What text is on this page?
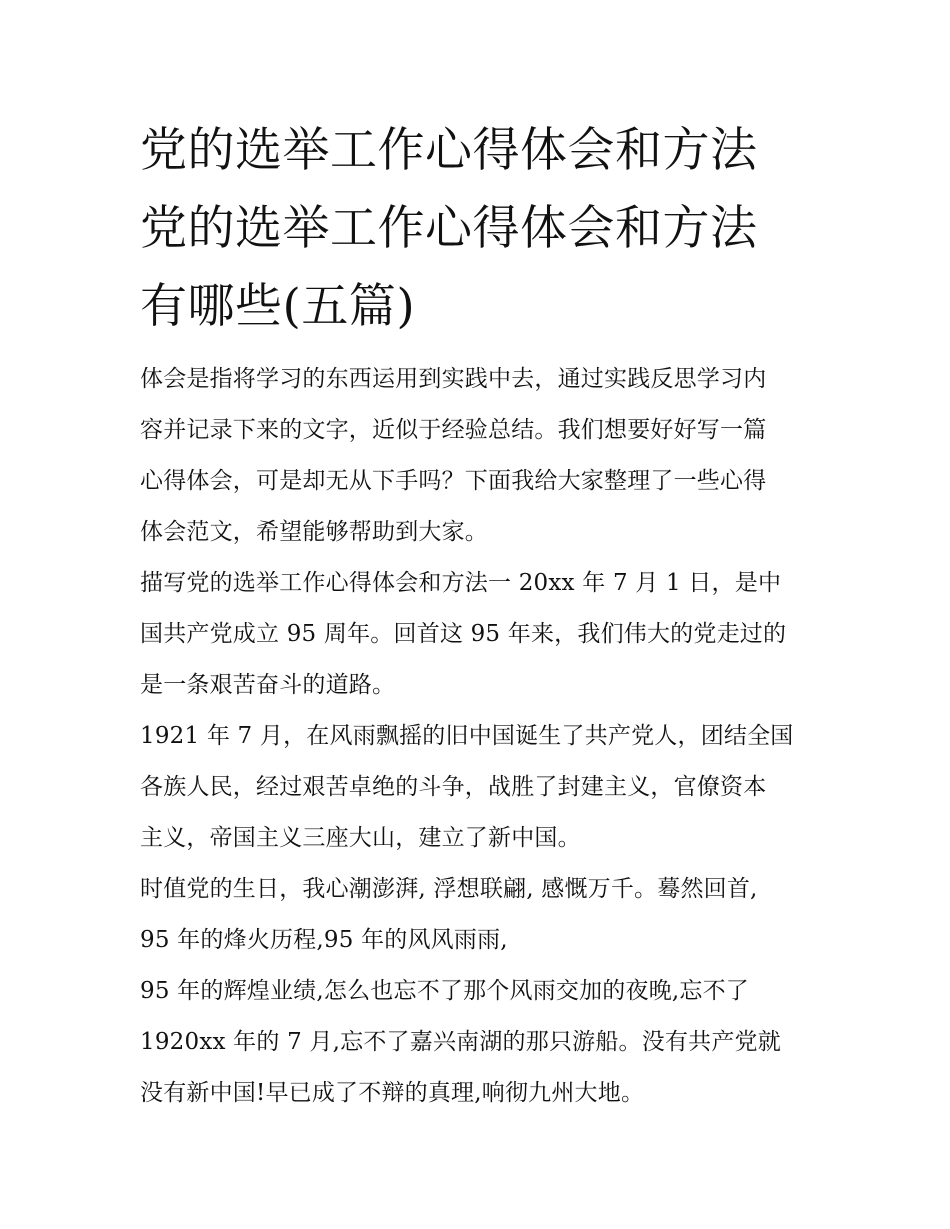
党的选举工作心得体会和方法
党的选举工作心得体会和方法
有哪些(五篇)

体会是指将学习的东西运用到实践中去，通过实践反思学习内
容并记录下来的文字，近似于经验总结。我们想要好好写一篇
心得体会，可是却无从下手吗？下面我给大家整理了一些心得
体会范文，希望能够帮助到大家。

描写党的选举工作心得体会和方法一 20xx 年 7 月 1 日，是中
国共产党成立 95 周年。回首这 95 年来，我们伟大的党走过的
是一条艰苦奋斗的道路。

1921 年 7 月，在风雨飘摇的旧中国诞生了共产党人，团结全国
各族人民，经过艰苦卓绝的斗争，战胜了封建主义，官僚资本
主义，帝国主义三座大山，建立了新中国。

时值党的生日，我心潮澎湃, 浮想联翩, 感慨万千。蓦然回首,
95 年的烽火历程,95 年的风风雨雨,

95 年的辉煌业绩,怎么也忘不了那个风雨交加的夜晚,忘不了
1920xx 年的 7 月,忘不了嘉兴南湖的那只游船。没有共产党就
没有新中国!早已成了不辩的真理,响彻九州大地。
